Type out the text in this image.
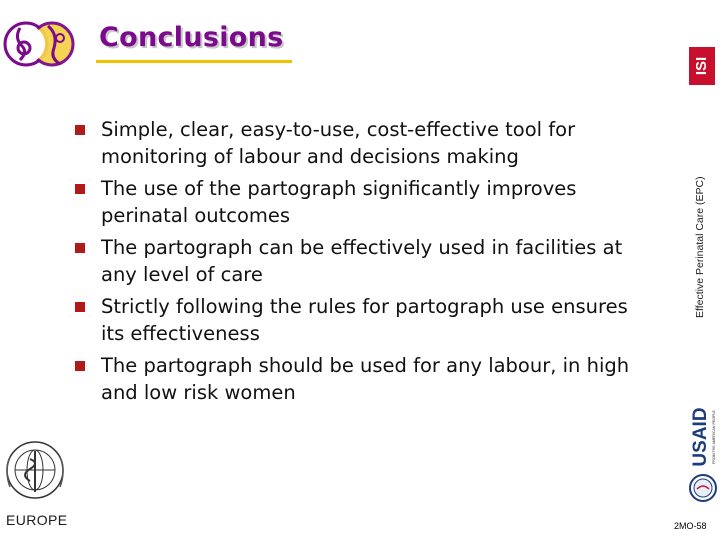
Conclusions
Simple, clear, easy-to-use, cost-effective tool for monitoring of labour and decisions making
The use of the partograph significantly improves perinatal outcomes
The partograph can be effectively used in facilities at any level of care
Strictly following the rules for partograph use ensures its effectiveness
The partograph should be used for any labour, in high and low risk women
ISI
Effective Perinatal Care (EPC)
USAID FROM THE AMERICAN PEOPLE
2MO-58
EUROPE
